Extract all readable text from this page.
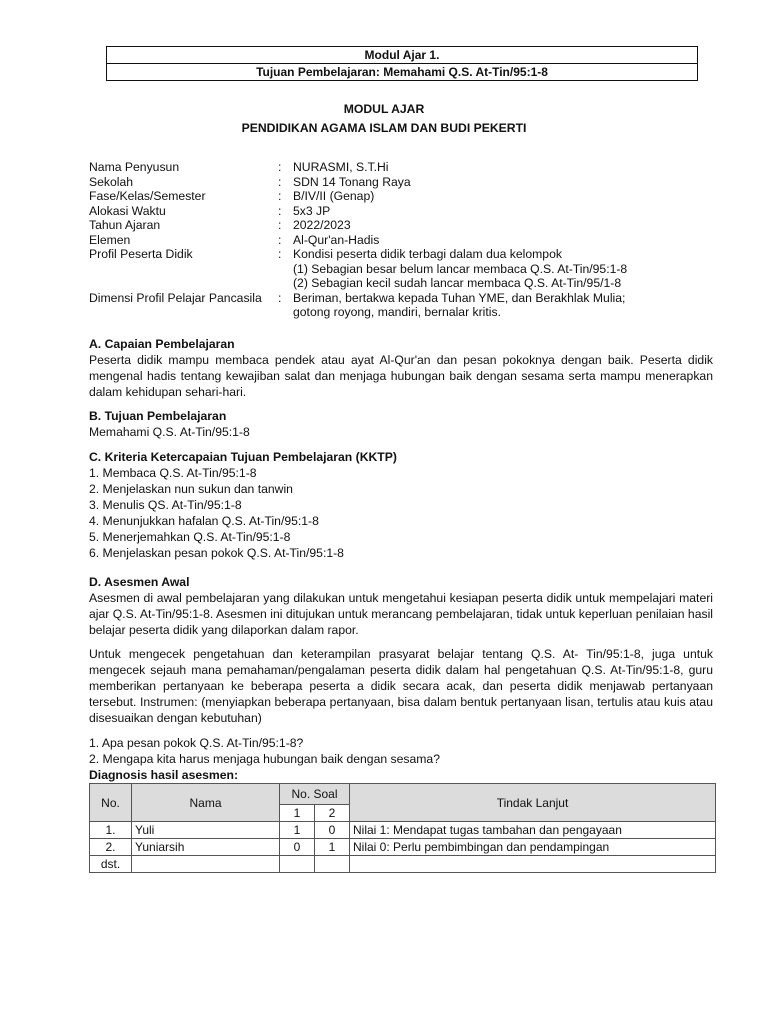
Modul Ajar 1.
Tujuan Pembelajaran: Memahami Q.S. At-Tin/95:1-8
MODUL AJAR
PENDIDIKAN AGAMA ISLAM DAN BUDI PEKERTI
Nama Penyusun	: NURASMI, S.T.Hi
Sekolah	: SDN 14 Tonang Raya
Fase/Kelas/Semester	: B/IV/II (Genap)
Alokasi Waktu	: 5x3 JP
Tahun Ajaran	: 2022/2023
Elemen	: Al-Qur'an-Hadis
Profil Peserta Didik	: Kondisi peserta didik terbagi dalam dua kelompok
(1) Sebagian besar belum lancar membaca Q.S. At-Tin/95:1-8
(2) Sebagian kecil sudah lancar membaca Q.S. At-Tin/95/1-8
Dimensi Profil Pelajar Pancasila	: Beriman, bertakwa kepada Tuhan YME, dan Berakhlak Mulia;
gotong royong, mandiri, bernalar kritis.
A. Capaian Pembelajaran

Peserta didik mampu membaca pendek atau ayat Al-Qur'an dan pesan pokoknya dengan baik. Peserta didik mengenal hadis tentang kewajiban salat dan menjaga hubungan baik dengan sesama serta mampu menerapkan dalam kehidupan sehari-hari.

B. Tujuan Pembelajaran
Memahami Q.S. At-Tin/95:1-8
C. Kriteria Ketercapaian Tujuan Pembelajaran (KKTP)
1. Membaca Q.S. At-Tin/95:1-8
2. Menjelaskan nun sukun dan tanwin
3. Menulis QS. At-Tin/95:1-8
4. Menunjukkan hafalan Q.S. At-Tin/95:1-8
5. Menerjemahkan Q.S. At-Tin/95:1-8
6. Menjelaskan pesan pokok Q.S. At-Tin/95:1-8
D. Asesmen Awal

Asesmen di awal pembelajaran yang dilakukan untuk mengetahui kesiapan peserta didik untuk mempelajari materi ajar Q.S. At-Tin/95:1-8. Asesmen ini ditujukan untuk merancang pembelajaran, tidak untuk keperluan penilaian hasil belajar peserta didik yang dilaporkan dalam rapor.

Untuk mengecek pengetahuan dan keterampilan prasyarat belajar tentang Q.S. At- Tin/95:1-8, juga untuk mengecek sejauh mana pemahaman/pengalaman peserta didik dalam hal pengetahuan Q.S. At-Tin/95:1-8, guru memberikan pertanyaan ke beberapa peserta a didik secara acak, dan peserta didik menjawab pertanyaan tersebut. Instrumen: (menyiapkan beberapa pertanyaan, bisa dalam bentuk pertanyaan lisan, tertulis atau kuis atau disesuaikan dengan kebutuhan)

1. Apa pesan pokok Q.S. At-Tin/95:1-8?
2. Mengapa kita harus menjaga hubungan baik dengan sesama?
Diagnosis hasil asesmen:
No.	Nama	No. Soal		Tindak Lanjut
		1	2	
1.	Yuli	1	0	Nilai 1: Mendapat tugas tambahan dan pengayaan
2.	Yuniarsih	0	1	Nilai 0: Perlu pembimbingan dan pendampingan
dst.				
